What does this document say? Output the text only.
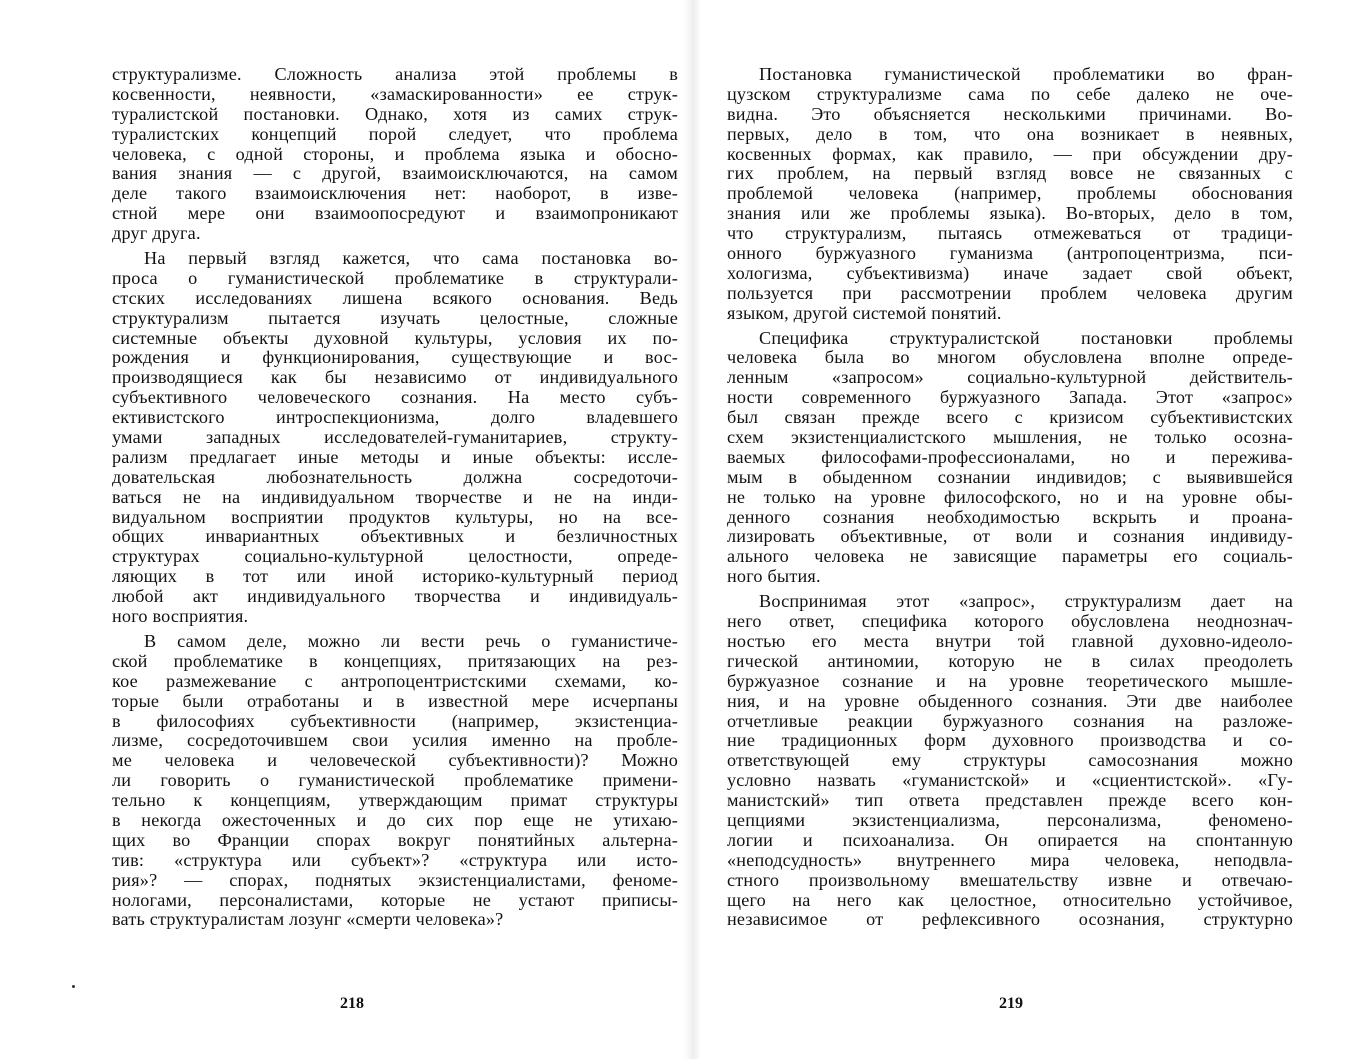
структурализме. Сложность анализа этой проблемы в
косвенности, неявности, «замаскированности» ее струк-
туралистской постановки. Однако, хотя из самих струк-
туралистских концепций порой следует, что проблема
человека, с одной стороны, и проблема языка и обосно-
вания знания — с другой, взаимоисключаются, на самом
деле такого взаимоисключения нет: наоборот, в изве-
стной мере они взаимоопосредуют и взаимопроникают
друг друга.
На первый взгляд кажется, что сама постановка во-
проса о гуманистической проблематике в структурали-
стских исследованиях лишена всякого основания. Ведь
структурализм пытается изучать целостные, сложные
системные объекты духовной культуры, условия их по-
рождения и функционирования, существующие и вос-
производящиеся как бы независимо от индивидуального
субъективного человеческого сознания. На место субъ-
ективистского интроспекционизма, долго владевшего
умами западных исследователей-гуманитариев, структу-
рализм предлагает иные методы и иные объекты: иссле-
довательская любознательность должна сосредоточи-
ваться не на индивидуальном творчестве и не на инди-
видуальном восприятии продуктов культуры, но на все-
общих инвариантных объективных и безличностных
структурах социально-культурной целостности, опреде-
ляющих в тот или иной историко-культурный период
любой акт индивидуального творчества и индивидуаль-
ного восприятия.
В самом деле, можно ли вести речь о гуманистиче-
ской проблематике в концепциях, притязающих на рез-
кое размежевание с антропоцентристскими схемами, ко-
торые были отработаны и в известной мере исчерпаны
в философиях субъективности (например, экзистенциа-
лизме, сосредоточившем свои усилия именно на пробле-
ме человека и человеческой субъективности)? Можно
ли говорить о гуманистической проблематике примени-
тельно к концепциям, утверждающим примат структуры
в некогда ожесточенных и до сих пор еще не утихаю-
щих во Франции спорах вокруг понятийных альтерна-
тив: «структура или субъект»? «структура или исто-
рия»? — спорах, поднятых экзистенциалистами, феноме-
нологами, персоналистами, которые не устают приписы-
вать структуралистам лозунг «смерти человека»?
218
Постановка гуманистической проблематики во фран-
цузском структурализме сама по себе далеко не оче-
видна. Это объясняется несколькими причинами. Во-
первых, дело в том, что она возникает в неявных,
косвенных формах, как правило, — при обсуждении дру-
гих проблем, на первый взгляд вовсе не связанных с
проблемой человека (например, проблемы обоснования
знания или же проблемы языка). Во-вторых, дело в том,
что структурализм, пытаясь отмежеваться от традици-
онного буржуазного гуманизма (антропоцентризма, пси-
хологизма, субъективизма) иначе задает свой объект,
пользуется при рассмотрении проблем человека другим
языком, другой системой понятий.
Специфика структуралистской постановки проблемы
человека была во многом обусловлена вполне опреде-
ленным «запросом» социально-культурной действитель-
ности современного буржуазного Запада. Этот «запрос»
был связан прежде всего с кризисом субъективистских
схем экзистенциалистского мышления, не только осозна-
ваемых философами-профессионалами, но и пережива-
мым в обыденном сознании индивидов; с выявившейся
не только на уровне философского, но и на уровне обы-
денного сознания необходимостью вскрыть и проана-
лизировать объективные, от воли и сознания индивиду-
ального человека не зависящие параметры его социаль-
ного бытия.
Воспринимая этот «запрос», структурализм дает на
него ответ, специфика которого обусловлена неоднознач-
ностью его места внутри той главной духовно-идеоло-
гической антиномии, которую не в силах преодолеть
буржуазное сознание и на уровне теоретического мышле-
ния, и на уровне обыденного сознания. Эти две наиболее
отчетливые реакции буржуазного сознания на разложе-
ние традиционных форм духовного производства и со-
ответствующей ему структуры самосознания можно
условно назвать «гуманистской» и «сциентистской». «Гу-
манистский» тип ответа представлен прежде всего кон-
цепциями экзистенциализма, персонализма, феномено-
логии и психоанализа. Он опирается на спонтанную
«неподсудность» внутреннего мира человека, неподвла-
стного произвольному вмешательству извне и отвечаю-
щего на него как целостное, относительно устойчивое,
независимое от рефлексивного осознания, структурно
219
